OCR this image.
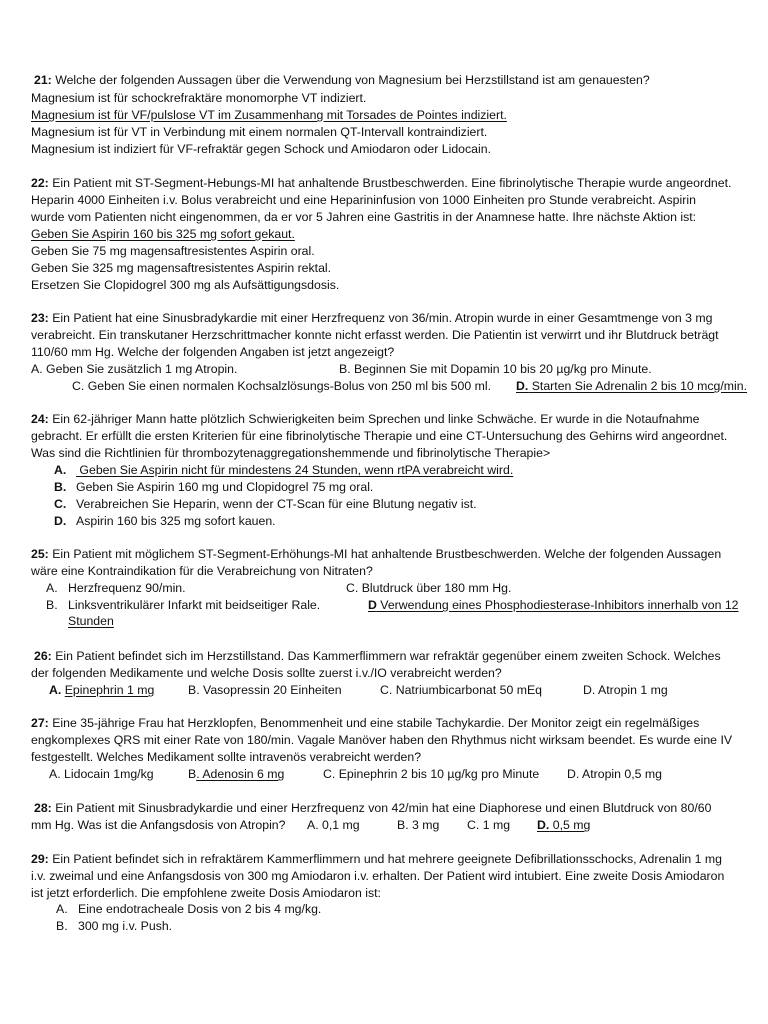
21: Welche der folgenden Aussagen über die Verwendung von Magnesium bei Herzstillstand ist am genauesten?
Magnesium ist für schockrefraktäre monomorphe VT indiziert.
Magnesium ist für VF/pulslose VT im Zusammenhang mit Torsades de Pointes indiziert.
Magnesium ist für VT in Verbindung mit einem normalen QT-Intervall kontraindiziert.
Magnesium ist indiziert für VF-refraktär gegen Schock und Amiodaron oder Lidocain.
22: Ein Patient mit ST-Segment-Hebungs-MI hat anhaltende Brustbeschwerden. Eine fibrinolytische Therapie wurde angeordnet.
Heparin 4000 Einheiten i.v. Bolus verabreicht und eine Heparininfusion von 1000 Einheiten pro Stunde verabreicht. Aspirin
wurde vom Patienten nicht eingenommen, da er vor 5 Jahren eine Gastritis in der Anamnese hatte. Ihre nächste Aktion ist:
Geben Sie Aspirin 160 bis 325 mg sofort gekaut.
Geben Sie 75 mg magensaftresistentes Aspirin oral.
Geben Sie 325 mg magensaftresistentes Aspirin rektal.
Ersetzen Sie Clopidogrel 300 mg als Aufsättigungsdosis.
23: Ein Patient hat eine Sinusbradykardie mit einer Herzfrequenz von 36/min. Atropin wurde in einer Gesamtmenge von 3 mg
verabreicht. Ein transkutaner Herzschrittmacher konnte nicht erfasst werden. Die Patientin ist verwirrt und ihr Blutdruck beträgt
110/60 mm Hg. Welche der folgenden Angaben ist jetzt angezeigt?
A. Geben Sie zusätzlich 1 mg Atropin.	B. Beginnen Sie mit Dopamin 10 bis 20 µg/kg pro Minute.
C. Geben Sie einen normalen Kochsalzlösungs-Bolus von 250 ml bis 500 ml. D. Starten Sie Adrenalin 2 bis 10 mcg/min.
24: Ein 62-jähriger Mann hatte plötzlich Schwierigkeiten beim Sprechen und linke Schwäche. Er wurde in die Notaufnahme
gebracht. Er erfüllt die ersten Kriterien für eine fibrinolytische Therapie und eine CT-Untersuchung des Gehirns wird angeordnet.
Was sind die Richtlinien für thrombozytenaggregationshemmende und fibrinolytische Therapie>
A. Geben Sie Aspirin nicht für mindestens 24 Stunden, wenn rtPA verabreicht wird.
B. Geben Sie Aspirin 160 mg und Clopidogrel 75 mg oral.
C. Verabreichen Sie Heparin, wenn der CT-Scan für eine Blutung negativ ist.
D. Aspirin 160 bis 325 mg sofort kauen.
25: Ein Patient mit möglichem ST-Segment-Erhöhungs-MI hat anhaltende Brustbeschwerden. Welche der folgenden Aussagen
wäre eine Kontraindikation für die Verabreichung von Nitraten?
A. Herzfrequenz 90/min.	C. Blutdruck über 180 mm Hg.
B. Linksventrikulärer Infarkt mit beidseitiger Rale.	D Verwendung eines Phosphodiesterase-Inhibitors innerhalb von 12
Stunden
26: Ein Patient befindet sich im Herzstillstand. Das Kammerflimmern war refraktär gegenüber einem zweiten Schock. Welches
der folgenden Medikamente und welche Dosis sollte zuerst i.v./IO verabreicht werden?
A. Epinephrin 1 mg	B. Vasopressin 20 Einheiten	C. Natriumbicarbonat 50 mEq	D. Atropin 1 mg
27: Eine 35-jährige Frau hat Herzklopfen, Benommenheit und eine stabile Tachykardie. Der Monitor zeigt ein regelmäßiges
engkomplexes QRS mit einer Rate von 180/min. Vagale Manöver haben den Rhythmus nicht wirksam beendet. Es wurde eine IV
festgestellt. Welches Medikament sollte intravenös verabreicht werden?
A. Lidocain 1mg/kg	B. Adenosin 6 mg	C. Epinephrin 2 bis 10 µg/kg pro Minute D. Atropin 0,5 mg
28: Ein Patient mit Sinusbradykardie und einer Herzfrequenz von 42/min hat eine Diaphorese und einen Blutdruck von 80/60
mm Hg. Was ist die Anfangsdosis von Atropin? A. 0,1 mg	B. 3 mg C. 1 mg D. 0,5 mg
29: Ein Patient befindet sich in refraktärem Kammerflimmern und hat mehrere geeignete Defibrillationsschocks, Adrenalin 1 mg
i.v. zweimal und eine Anfangsdosis von 300 mg Amiodaron i.v. erhalten. Der Patient wird intubiert. Eine zweite Dosis Amiodaron
ist jetzt erforderlich. Die empfohlene zweite Dosis Amiodaron ist:
A. Eine endotracheale Dosis von 2 bis 4 mg/kg.
B. 300 mg i.v. Push.
